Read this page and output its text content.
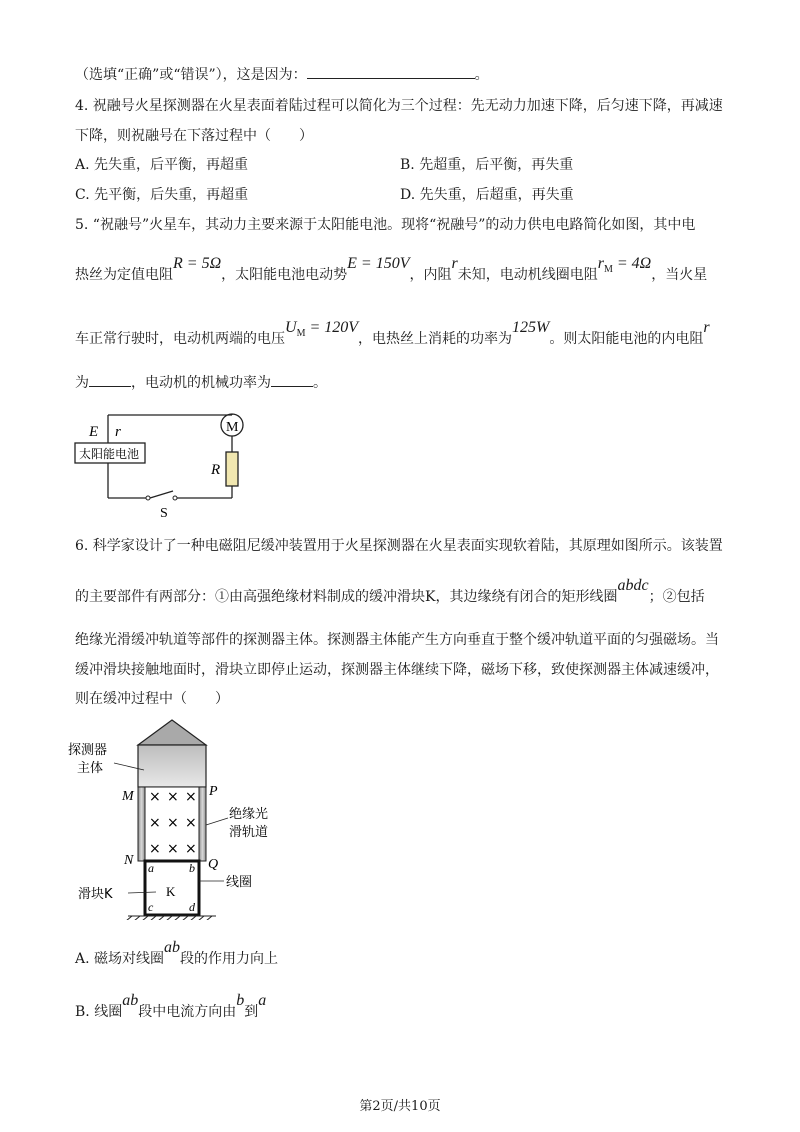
（选填“正确”或“错误”），这是因为：	。
4. 祝融号火星探测器在火星表面着陆过程可以简化为三个过程：先无动力加速下降，后匀速下降，再减速
下降，则祝融号在下落过程中（　　）
A. 先失重，后平衡，再超重	B. 先超重，后平衡，再失重
C. 先平衡，后失重，再超重	D. 先失重，后超重，再失重
5. “祝融号”火星车，其动力主要来源于太阳能电池。现将“祝融号”的动力供电电路简化如图，其中电
热丝为定值电阻R = 5Ω，太阳能电池电动势E = 150V，内阻r未知，电动机线圈电阻$r_M = 4\Omega$，当火星
车正常行驶时，电动机两端的电压$U_M = 120V$，电热丝上消耗的功率为125W。则太阳能电池的内电阻r
为	，电动机的机械功率为	。
E r
太阳能电池
M
R
S
6. 科学家设计了一种电磁阻尼缓冲装置用于火星探测器在火星表面实现软着陆，其原理如图所示。该装置
的主要部件有两部分：①由高强绝缘材料制成的缓冲滑块K，其边缘绕有闭合的矩形线圈abdc；②包括
绝缘光滑缓冲轨道等部件的探测器主体。探测器主体能产生方向垂直于整个缓冲轨道平面的匀强磁场。当
缓冲滑块接触地面时，滑块立即停止运动，探测器主体继续下降，磁场下移，致使探测器主体减速缓冲，
则在缓冲过程中（　　）
× × ×
× × ×
× × ×
探测器
主体
M	P
N	Q
a	b
c	d
K
滑块K
绝缘光
滑轨道
线圈
A. 磁场对线圈ab段的作用力向上
B. 线圈ab段中电流方向由b到a
第2页/共10页
